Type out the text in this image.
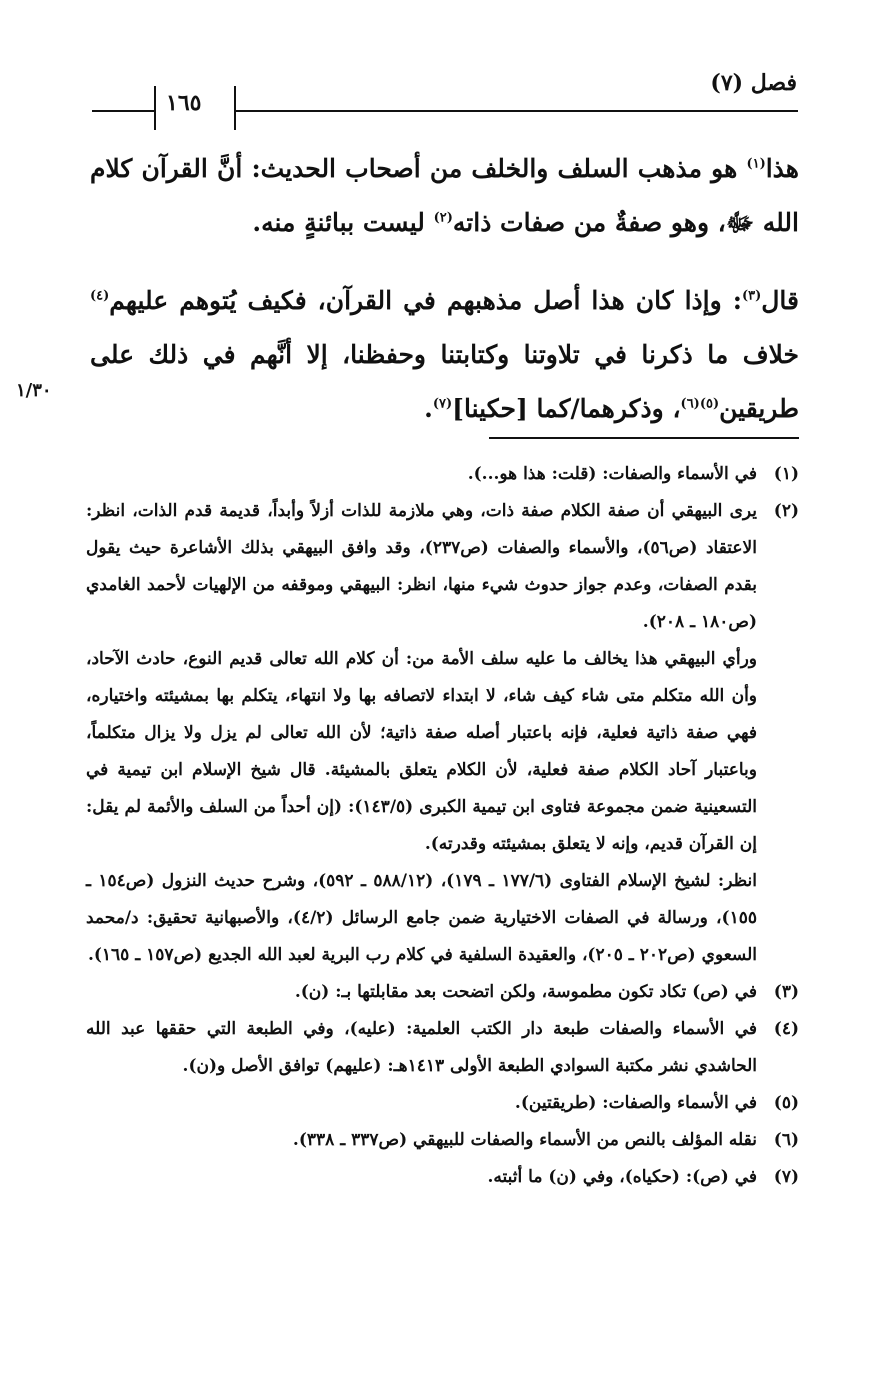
فصل (٧)
١٦٥

هذا$^{(١)}$ هو مذهب السلف والخلف من أصحاب الحديث: أنَّ القرآن كلام الله ﷻ، وهو صفةٌ من صفات ذاته$^{(٢)}$ ليست ببائنةٍ منه.

قال$^{(٣)}$: وإذا كان هذا أصل مذهبهم في القرآن، فكيف يُتوهم عليهم$^{(٤)}$ خلاف ما ذكرنا في تلاوتنا وكتابتنا وحفظنا، إلا أنَّهم في ذلك على طريقين$^{(٥)(٦)}$، وذكرهما/كما [حكينا]$^{(٧)}$.

١/٣٠
(١)

في الأسماء والصفات: (قلت: هذا هو...).

(٢)

يرى البيهقي أن صفة الكلام صفة ذات، وهي ملازمة للذات أزلاً وأبداً، قديمة قدم الذات، انظر: الاعتقاد (ص٥٦)، والأسماء والصفات (ص٢٣٧)، وقد وافق البيهقي بذلك الأشاعرة حيث يقول بقدم الصفات، وعدم جواز حدوث شيء منها، انظر: البيهقي وموقفه من الإلهيات لأحمد الغامدي (ص١٨٠ ـ ٢٠٨).

ورأي البيهقي هذا يخالف ما عليه سلف الأمة من: أن كلام الله تعالى قديم النوع، حادث الآحاد، وأن الله متكلم متى شاء كيف شاء، لا ابتداء لاتصافه بها ولا انتهاء، يتكلم بها بمشيئته واختياره، فهي صفة ذاتية فعلية، فإنه باعتبار أصله صفة ذاتية؛ لأن الله تعالى لم يزل ولا يزال متكلماً، وباعتبار آحاد الكلام صفة فعلية، لأن الكلام يتعلق بالمشيئة. قال شيخ الإسلام ابن تيمية في التسعينية ضمن مجموعة فتاوى ابن تيمية الكبرى (١٤٣/٥): (إن أحداً من السلف والأئمة لم يقل: إن القرآن قديم، وإنه لا يتعلق بمشيئته وقدرته).

انظر: لشيخ الإسلام الفتاوى (١٧٧/٦ ـ ١٧٩)، (٥٨٨/١٢ ـ ٥٩٢)، وشرح حديث النزول (ص١٥٤ ـ ١٥٥)، ورسالة في الصفات الاختيارية ضمن جامع الرسائل (٤/٢)، والأصبهانية تحقيق: د/محمد السعوي (ص٢٠٢ ـ ٢٠٥)، والعقيدة السلفية في كلام رب البرية لعبد الله الجديع (ص١٥٧ ـ ١٦٥).

(٣)

في (ص) تكاد تكون مطموسة، ولكن اتضحت بعد مقابلتها بـ: (ن).

(٤)

في الأسماء والصفات طبعة دار الكتب العلمية: (عليه)، وفي الطبعة التي حققها عبد الله الحاشدي نشر مكتبة السوادي الطبعة الأولى ١٤١٣هـ: (عليهم) توافق الأصل و(ن).

(٥)

في الأسماء والصفات: (طريقتين).

(٦)

نقله المؤلف بالنص من الأسماء والصفات للبيهقي (ص٣٣٧ ـ ٣٣٨).

(٧)

في (ص): (حكياه)، وفي (ن) ما أثبته.
